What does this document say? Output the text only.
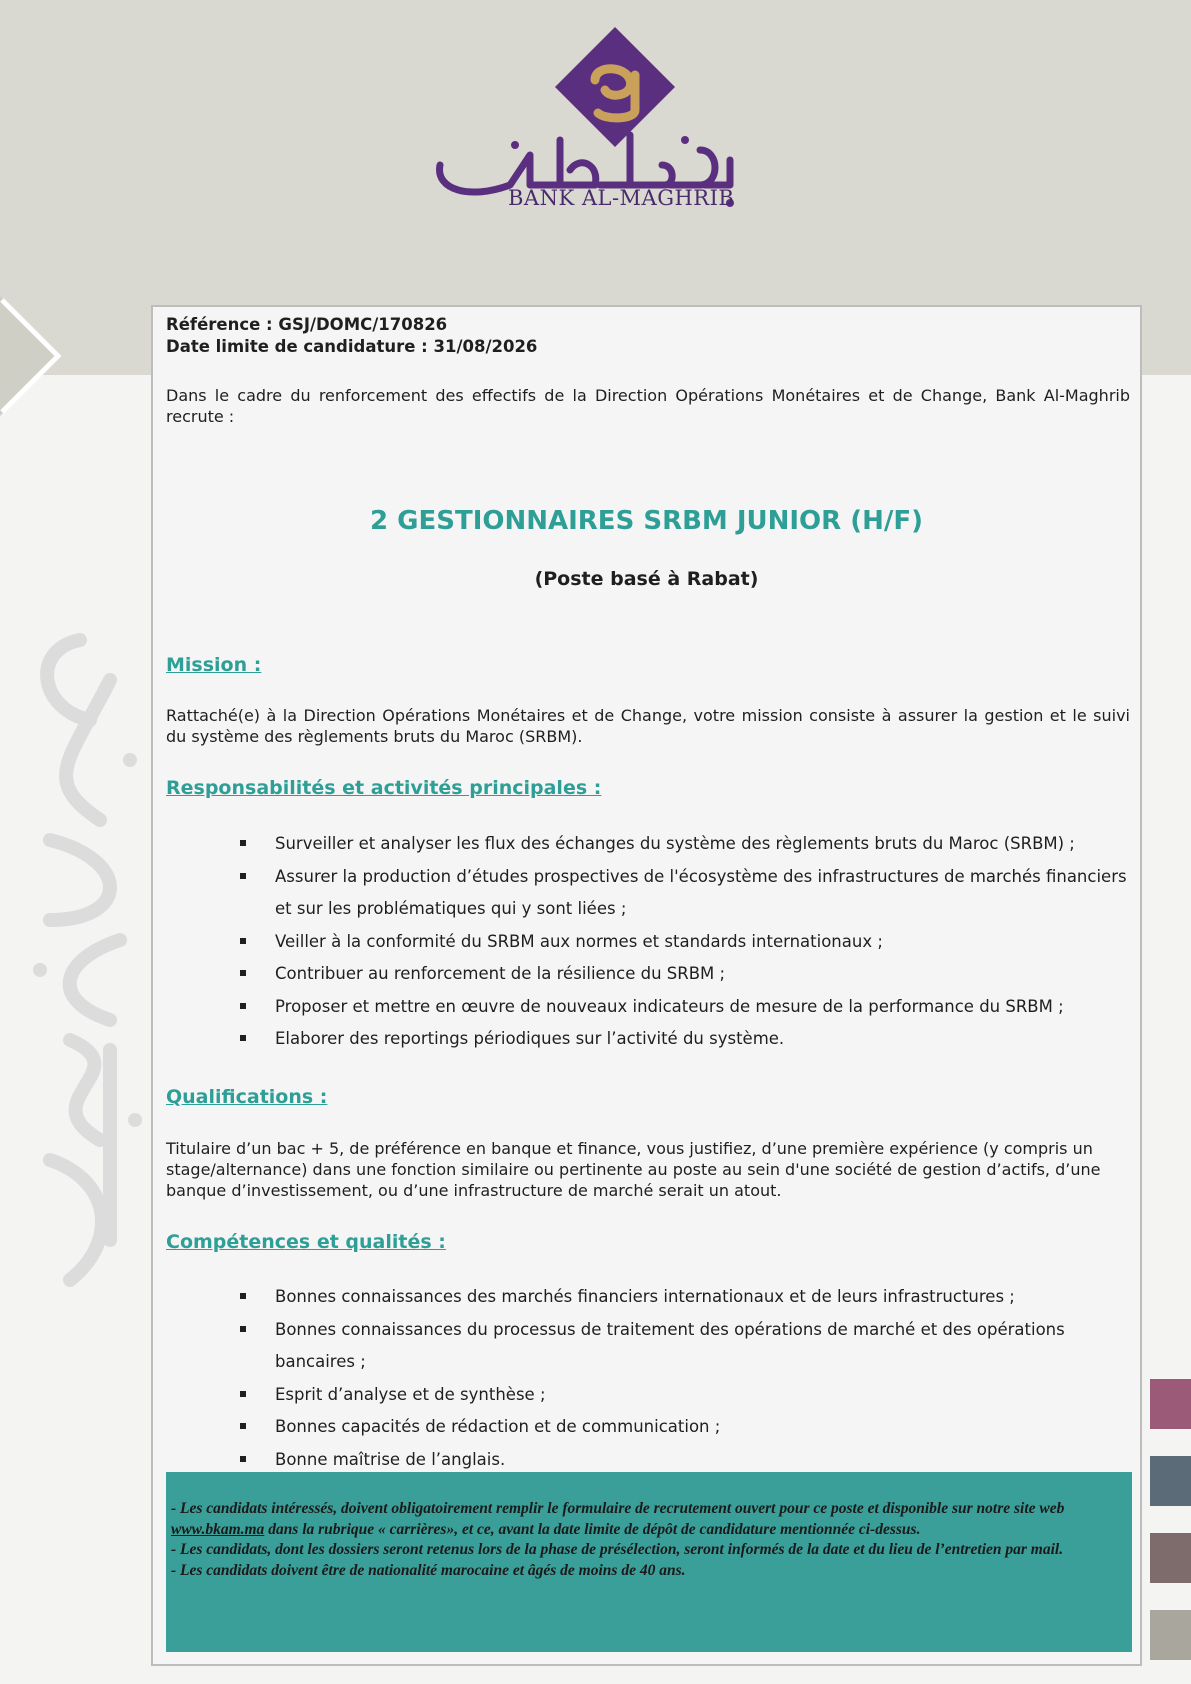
BANK AL-MAGHRIB
Référence : GSJ/DOMC/170826
Date limite de candidature : 31/08/2026
Dans le cadre du renforcement des effectifs de la Direction Opérations Monétaires et de Change, Bank Al-Maghrib recrute :
2 GESTIONNAIRES SRBM JUNIOR (H/F)
(Poste basé à Rabat)
Mission :
Rattaché(e) à la Direction Opérations Monétaires et de Change, votre mission consiste à assurer la gestion et le suivi du système des règlements bruts du Maroc (SRBM).
Responsabilités et activités principales :
Surveiller et analyser les flux des échanges du système des règlements bruts du Maroc (SRBM) ;
Assurer la production d’études prospectives de l'écosystème des infrastructures de marchés financiers et sur les problématiques qui y sont liées ;
Veiller à la conformité du SRBM aux normes et standards internationaux ;
Contribuer au renforcement de la résilience du SRBM ;
Proposer et mettre en œuvre de nouveaux indicateurs de mesure de la performance du SRBM ;
Elaborer des reportings périodiques sur l’activité du système.
Qualifications :
Titulaire d’un bac + 5, de préférence en banque et finance, vous justifiez, d’une première expérience (y compris un stage/alternance) dans une fonction similaire ou pertinente au poste au sein d'une société de gestion d’actifs, d’une banque d’investissement, ou d’une infrastructure de marché serait un atout.
Compétences et qualités :
Bonnes connaissances des marchés financiers internationaux et de leurs infrastructures ;
Bonnes connaissances du processus de traitement des opérations de marché et des opérations bancaires ;
Esprit d’analyse et de synthèse ;
Bonnes capacités de rédaction et de communication ;
Bonne maîtrise de l’anglais.
- Les candidats intéressés, doivent obligatoirement remplir le formulaire de recrutement ouvert pour ce poste et disponible sur notre site web www.bkam.ma dans la rubrique « carrières», et ce, avant la date limite de dépôt de candidature mentionnée ci-dessus.
- Les candidats, dont les dossiers seront retenus lors de la phase de présélection, seront informés de la date et du lieu de l’entretien par mail.
- Les candidats doivent être de nationalité marocaine et âgés de moins de 40 ans.
